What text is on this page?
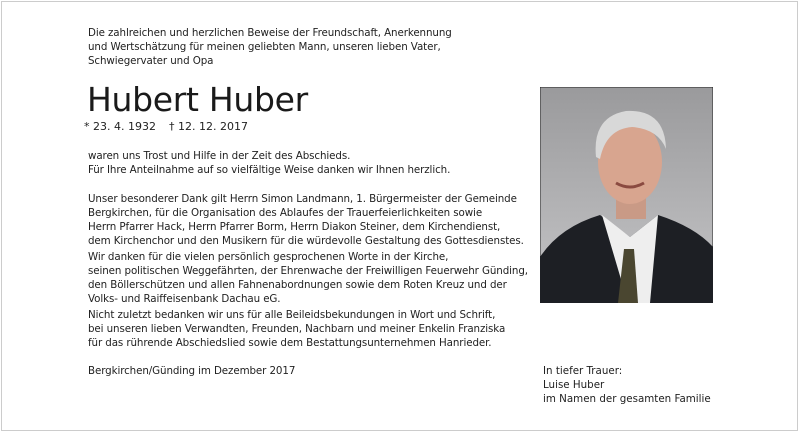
Die zahlreichen und herzlichen Beweise der Freundschaft, Anerkennung
und Wertschätzung für meinen geliebten Mann, unseren lieben Vater,
Schwiegervater und Opa
Hubert Huber
* 23. 4. 1932 † 12. 12. 2017
waren uns Trost und Hilfe in der Zeit des Abschieds.
Für Ihre Anteilnahme auf so vielfältige Weise danken wir Ihnen herzlich.
Unser besonderer Dank gilt Herrn Simon Landmann, 1. Bürgermeister der Gemeinde
Bergkirchen, für die Organisation des Ablaufes der Trauerfeierlichkeiten sowie
Herrn Pfarrer Hack, Herrn Pfarrer Borm, Herrn Diakon Steiner, dem Kirchendienst,
dem Kirchenchor und den Musikern für die würdevolle Gestaltung des Gottesdienstes.
Wir danken für die vielen persönlich gesprochenen Worte in der Kirche,
seinen politischen Weggefährten, der Ehrenwache der Freiwilligen Feuerwehr Günding,
den Böllerschützen und allen Fahnenabordnungen sowie dem Roten Kreuz und der
Volks- und Raiffeisenbank Dachau eG.
Nicht zuletzt bedanken wir uns für alle Beileidsbekundungen in Wort und Schrift,
bei unseren lieben Verwandten, Freunden, Nachbarn und meiner Enkelin Franziska
für das rührende Abschiedslied sowie dem Bestattungsunternehmen Hanrieder.
Bergkirchen/Günding im Dezember 2017	In tiefer Trauer:
Luise Huber
im Namen der gesamten Familie
